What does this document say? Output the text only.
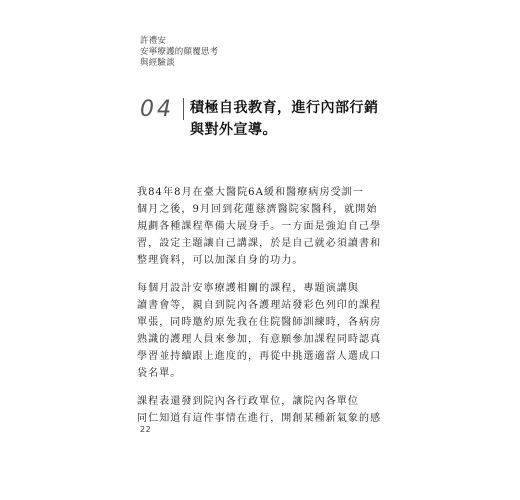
許禮安
安寧療護的顛覆思考
與經驗談
04 積極自我教育，進行內部行銷
與對外宣導。
我84年8月在臺大醫院6A緩和醫療病房受訓一
個月之後，9月回到花蓮慈濟醫院家醫科，就開始
規劃各種課程準備大展身手。一方面是強迫自己學
習，設定主題讓自己講課，於是自己就必須讀書和
整理資料，可以加深自身的功力。
每個月設計安寧療護相關的課程，專題演講與
讀書會等，親自到院內各護理站發彩色列印的課程
單張，同時邀約原先我在住院醫師訓練時，各病房
熟識的護理人員來參加，有意願參加課程同時認真
學習並持續跟上進度的，再從中挑選適當人選成口
袋名單。
課程表還發到院內各行政單位，讓院內各單位
同仁知道有這件事情在進行，開創某種新氣象的感
22
